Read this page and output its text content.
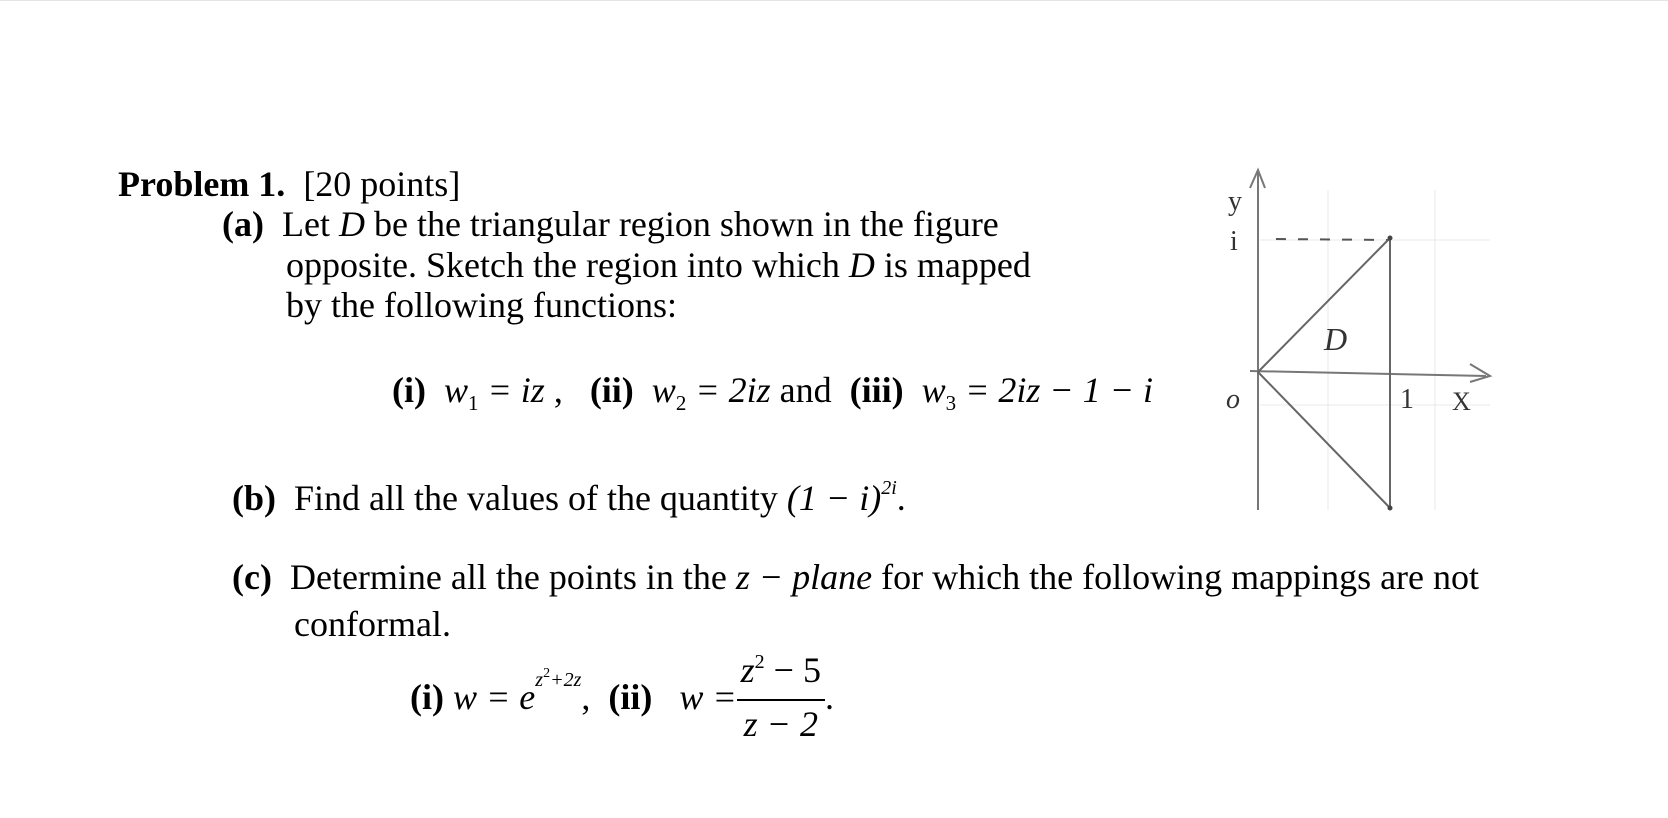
Problem 1. [20 points]
(a) Let D be the triangular region shown in the figure
opposite. Sketch the region into which D is mapped
by the following functions:
(i) $w_1$ = iz ,   (ii) $w_2 = 2iz$ and  (iii) $w_3 = 2iz - 1 - i$
(b) Find all the values of the quantity $(1 - i)^{2i}$.
(c) Determine all the points in the z − plane for which the following mappings are not
conformal.
(i)
w = e $z^2+2z$ ,
(ii)
$w = \frac{z^2 - 5}{z - 2}$ .
y
i
D
o	1 X
